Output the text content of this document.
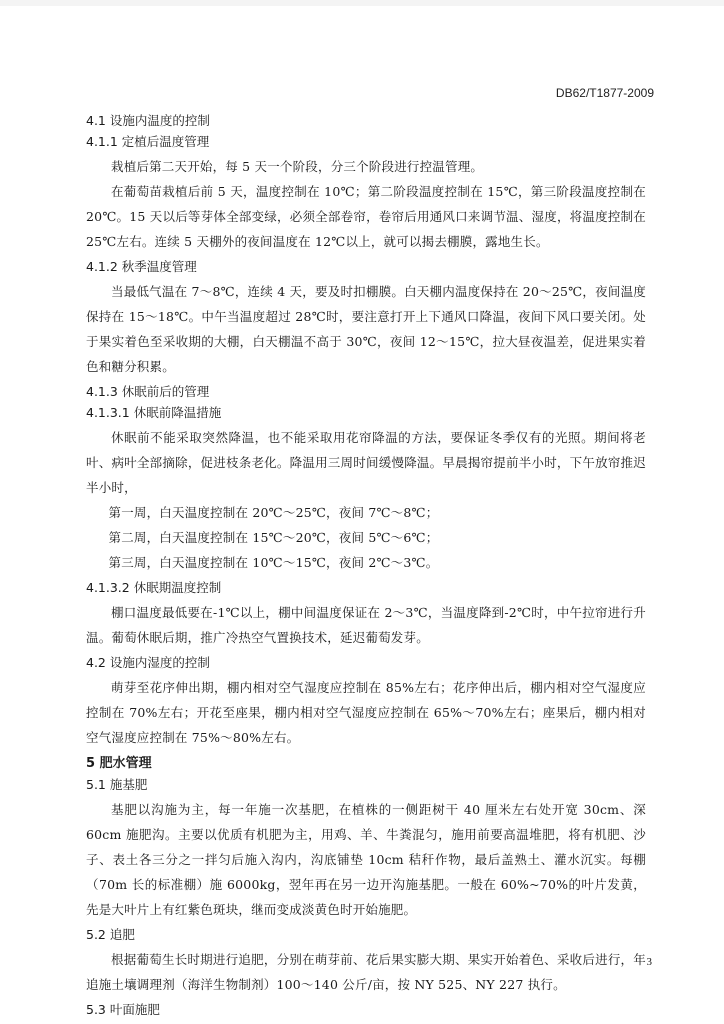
DB62/T1877-2009
4.1 设施内温度的控制
4.1.1 定植后温度管理
栽植后第二天开始，每 5 天一个阶段，分三个阶段进行控温管理。
在葡萄苗栽植后前 5 天，温度控制在 10℃；第二阶段温度控制在 15℃，第三阶段温度控制在 20℃。15 天以后等芽体全部变绿，必须全部卷帘，卷帘后用通风口来调节温、湿度，将温度控制在 25℃左右。连续 5 天棚外的夜间温度在 12℃以上，就可以揭去棚膜，露地生长。
4.1.2 秋季温度管理
当最低气温在 7～8℃，连续 4 天，要及时扣棚膜。白天棚内温度保持在 20～25℃，夜间温度保持在 15～18℃。中午当温度超过 28℃时，要注意打开上下通风口降温，夜间下风口要关闭。处于果实着色至采收期的大棚，白天棚温不高于 30℃，夜间 12～15℃，拉大昼夜温差，促进果实着色和糖分积累。
4.1.3 休眠前后的管理
4.1.3.1 休眠前降温措施
休眠前不能采取突然降温，也不能采取用花帘降温的方法，要保证冬季仅有的光照。期间将老叶、病叶全部摘除，促进枝条老化。降温用三周时间缓慢降温。早晨揭帘提前半小时，下午放帘推迟半小时，
第一周，白天温度控制在 20℃～25℃，夜间 7℃～8℃；
第二周，白天温度控制在 15℃～20℃，夜间 5℃～6℃；
第三周，白天温度控制在 10℃～15℃，夜间 2℃～3℃。
4.1.3.2 休眠期温度控制
棚口温度最低要在-1℃以上，棚中间温度保证在 2～3℃，当温度降到-2℃时，中午拉帘进行升温。葡萄休眠后期，推广冷热空气置换技术，延迟葡萄发芽。
4.2 设施内湿度的控制
萌芽至花序伸出期，棚内相对空气湿度应控制在 85%左右；花序伸出后，棚内相对空气湿度应控制在 70%左右；开花至座果，棚内相对空气湿度应控制在 65%～70%左右；座果后，棚内相对空气湿度应控制在 75%～80%左右。
5 肥水管理
5.1 施基肥
基肥以沟施为主，每一年施一次基肥，在植株的一侧距树干 40 厘米左右处开宽 30cm、深 60cm 施肥沟。主要以优质有机肥为主，用鸡、羊、牛粪混匀，施用前要高温堆肥，将有机肥、沙子、表土各三分之一拌匀后施入沟内，沟底铺垫 10cm 秸秆作物，最后盖熟土、灌水沉实。每棚（70m 长的标准棚）施 6000kg，翌年再在另一边开沟施基肥。一般在 60%~70%的叶片发黄，先是大叶片上有红紫色斑块，继而变成淡黄色时开始施肥。
5.2 追肥
根据葡萄生长时期进行追肥，分别在萌芽前、花后果实膨大期、果实开始着色、采收后进行，年追施土壤调理剂（海洋生物制剂）100～140 公斤/亩，按 NY 525、NY 227 执行。
5.3 叶面施肥
3
